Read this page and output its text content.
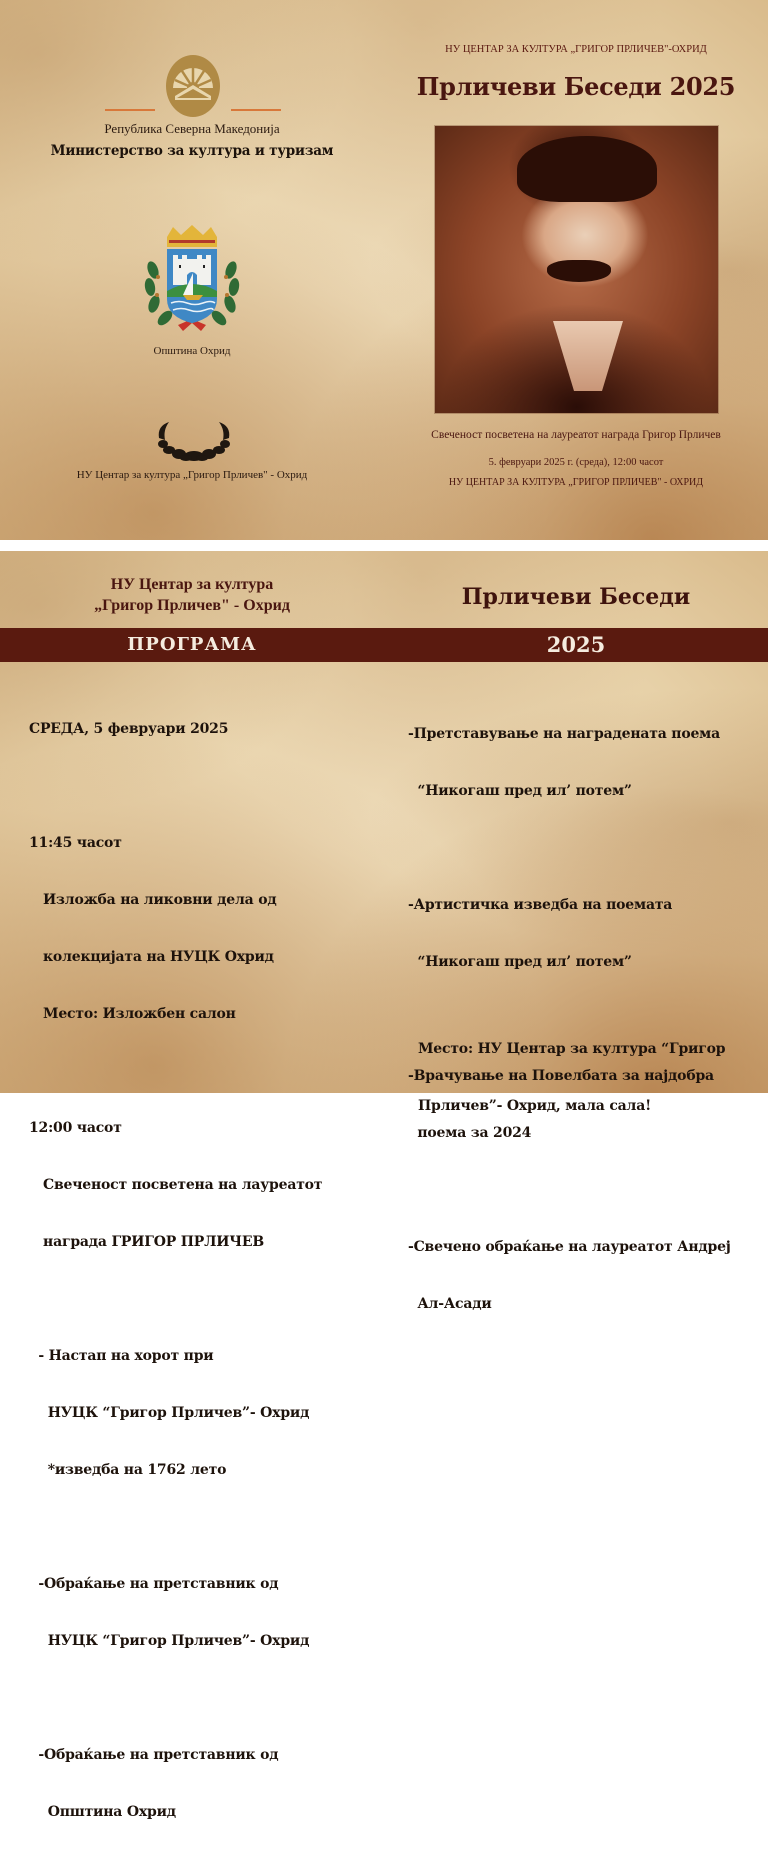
Република Северна Македонија
Министерство за култура и туризам
Општина Охрид
НУ Центар за култура „Григор Прличев" - Охрид
НУ ЦЕНТАР ЗА КУЛТУРА „ГРИГОР ПРЛИЧЕВ"-ОХРИД
Прличеви Беседи 2025
Свеченост посветена на лауреатот награда Григор Прличев
5. февруари 2025 г. (среда), 12:00 часот
НУ ЦЕНТАР ЗА КУЛТУРА „ГРИГОР ПРЛИЧЕВ" - ОХРИД
НУ Центар за култура
„Григор Прличев" - Охрид	Прличеви Беседи
ПРОГРАМА	2025

СРЕДА, 5 февруари 2025

11:45 часот

Изложба на ликовни дела од

колекцијата на НУЦК Охрид

Место: Изложбен салон

12:00 часот

Свеченост посветена на лауреатот

награда ГРИГОР ПРЛИЧЕВ

- Настап на хорот при

НУЦК “Григор Прличев”- Охрид

*изведба на 1762 лето

-Обраќање на претставник од

НУЦК “Григор Прличев”- Охрид

-Обраќање на претставник од

Општина Охрид

-Претставување на наградената поема

“Никогаш пред ил’ потем”

-Артистичка изведба на поемата

“Никогаш пред ил’ потем”

-Врачување на Повелбата за најдобра

поема за 2024

-Свечено обраќање на лауреатот Андреј

Ал-Асади

Место: НУ Центар за култура “Григор

Прличев”- Охрид, мала сала!
